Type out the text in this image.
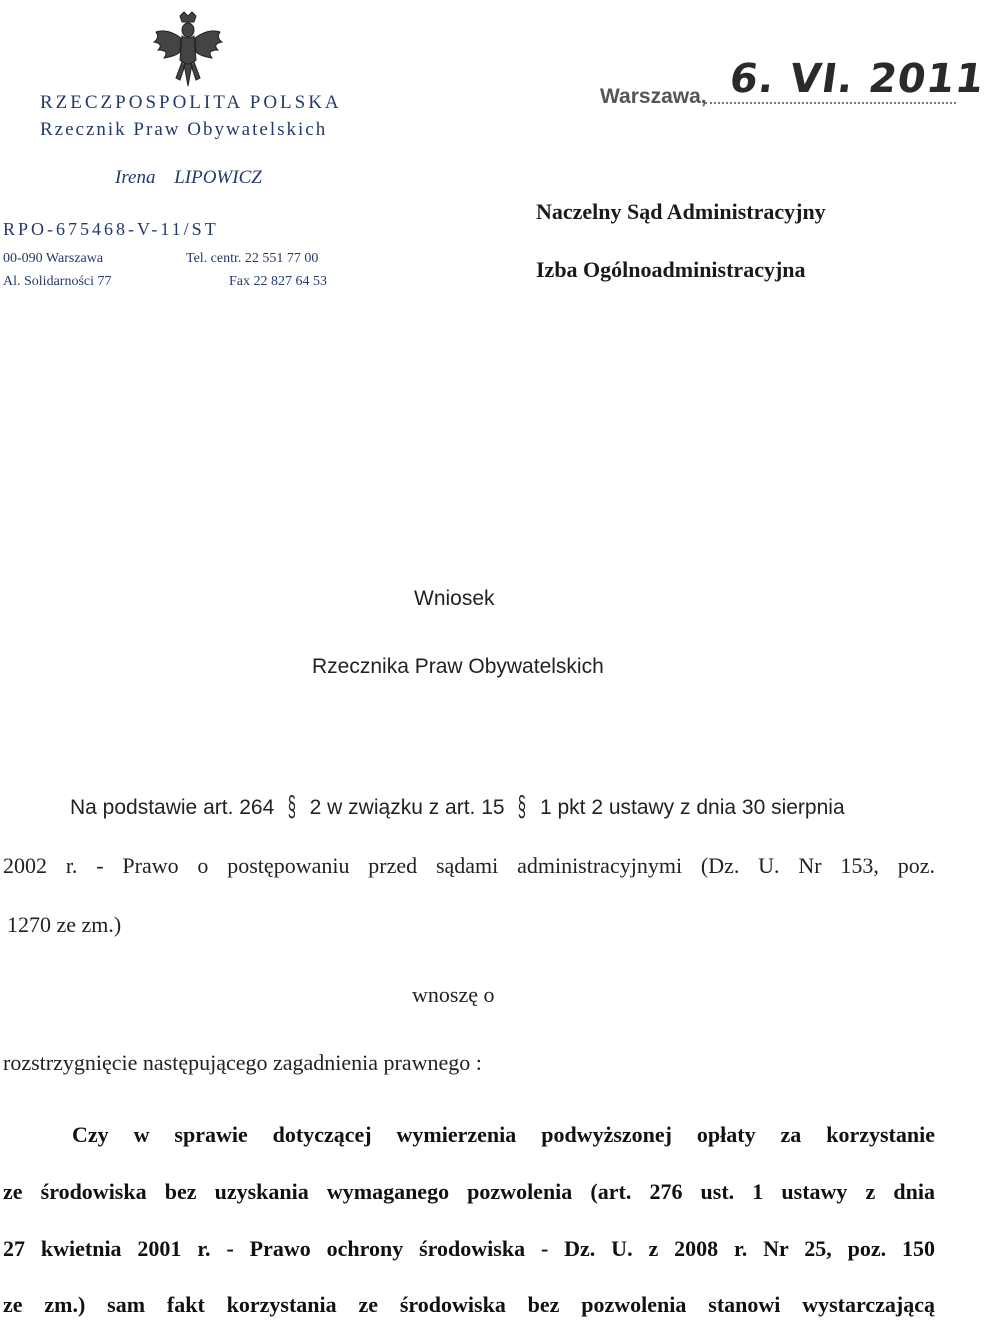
RZECZPOSPOLITA POLSKA
Rzecznik Praw Obywatelskich
Irena LIPOWICZ
RPO-675468-V-11/ST
00-090 Warszawa
Al. Solidarności 77
Tel. centr. 22 551 77 00
Fax 22 827 64 53
Warszawa, 6. VI. 2011
Naczelny Sąd Administracyjny
Izba Ogólnoadministracyjna
Wniosek
Rzecznika Praw Obywatelskich
Na podstawie art. 264 § 2 w związku z art. 15 § 1 pkt 2 ustawy z dnia 30 sierpnia
2002 r. - Prawo o postępowaniu przed sądami administracyjnymi (Dz. U. Nr 153, poz.
1270 ze zm.)
wnoszę o
rozstrzygnięcie następującego zagadnienia prawnego :
Czy w sprawie dotyczącej wymierzenia podwyższonej opłaty za korzystanie
ze środowiska bez uzyskania wymaganego pozwolenia (art. 276 ust. 1 ustawy z dnia
27 kwietnia 2001 r. - Prawo ochrony środowiska - Dz. U. z 2008 r. Nr 25, poz. 150
ze zm.) sam fakt korzystania ze środowiska bez pozwolenia stanowi wystarczającą
